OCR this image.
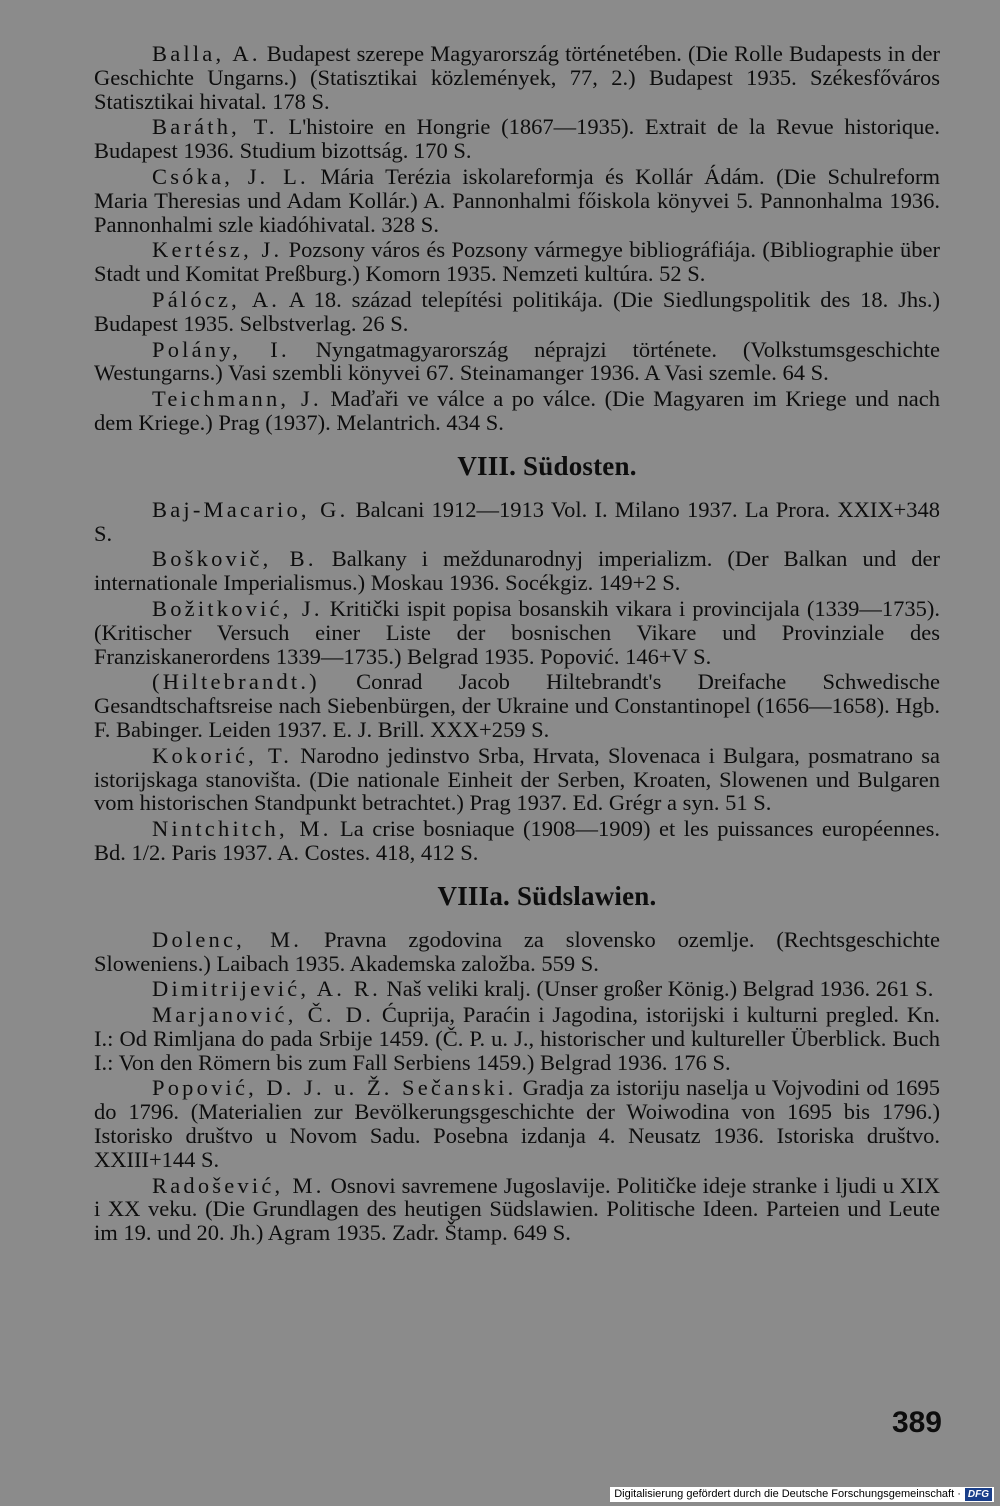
Balla, A. Budapest szerepe Magyarország történetében. (Die Rolle Budapests in der Geschichte Ungarns.) (Statisztikai közlemények, 77, 2.) Budapest 1935. Székesfőváros Statisztikai hivatal. 178 S.

Baráth, T. L'histoire en Hongrie (1867—1935). Extrait de la Revue historique. Budapest 1936. Studium bizottság. 170 S.

Csóka, J. L. Mária Terézia iskolareformja és Kollár Ádám. (Die Schulreform Maria Theresias und Adam Kollár.) A. Pannonhalmi főiskola könyvei 5. Pannonhalma 1936. Pannonhalmi szle kiadóhivatal. 328 S.

Kertész, J. Pozsony város és Pozsony vármegye bibliográfiája. (Bibliographie über Stadt und Komitat Preßburg.) Komorn 1935. Nemzeti kultúra. 52 S.

Pálócz, A. A 18. század telepítési politikája. (Die Siedlungspolitik des 18. Jhs.) Budapest 1935. Selbstverlag. 26 S.

Polány, I. Nyngatmagyarország néprajzi története. (Volkstumsgeschichte Westungarns.) Vasi szembli könyvei 67. Steinamanger 1936. A Vasi szemle. 64 S.

Teichmann, J. Maďaři ve válce a po válce. (Die Magyaren im Kriege und nach dem Kriege.) Prag (1937). Melantrich. 434 S.

VIII. Südosten.

Baj-Macario, G. Balcani 1912—1913 Vol. I. Milano 1937. La Prora. XXIX+348 S.

Boškovič, B. Balkany i meždunarodnyj imperializm. (Der Balkan und der internationale Imperialismus.) Moskau 1936. Socékgiz. 149+2 S.

Božitković, J. Kritički ispit popisa bosanskih vikara i provincijala (1339—1735). (Kritischer Versuch einer Liste der bosnischen Vikare und Provinziale des Franziskanerordens 1339—1735.) Belgrad 1935. Popović. 146+V S.

(Hiltebrandt.) Conrad Jacob Hiltebrandt's Dreifache Schwedische Gesandtschaftsreise nach Siebenbürgen, der Ukraine und Constantinopel (1656—1658). Hgb. F. Babinger. Leiden 1937. E. J. Brill. XXX+259 S.

Kokorić, T. Narodno jedinstvo Srba, Hrvata, Slovenaca i Bulgara, posmatrano sa istorijskaga stanovišta. (Die nationale Einheit der Serben, Kroaten, Slowenen und Bulgaren vom historischen Standpunkt betrachtet.) Prag 1937. Ed. Grégr a syn. 51 S.

Nintchitch, M. La crise bosniaque (1908—1909) et les puissances européennes. Bd. 1/2. Paris 1937. A. Costes. 418, 412 S.

VIIIa. Südslawien.

Dolenc, M. Pravna zgodovina za slovensko ozemlje. (Rechtsgeschichte Sloweniens.) Laibach 1935. Akademska založba. 559 S.

Dimitrijević, A. R. Naš veliki kralj. (Unser großer König.) Belgrad 1936. 261 S.

Marjanović, Č. D. Ćuprija, Paraćin i Jagodina, istorijski i kulturni pregled. Kn. I.: Od Rimljana do pada Srbije 1459. (Č. P. u. J., historischer und kultureller Überblick. Buch I.: Von den Römern bis zum Fall Serbiens 1459.) Belgrad 1936. 176 S.

Popović, D. J. u. Ž. Sečanski. Gradja za istoriju naselja u Vojvodini od 1695 do 1796. (Materialien zur Bevölkerungsgeschichte der Woiwodina von 1695 bis 1796.) Istorisko društvo u Novom Sadu. Posebna izdanja 4. Neusatz 1936. Istoriska društvo. XXIII+144 S.

Radošević, M. Osnovi savremene Jugoslavije. Političke ideje stranke i ljudi u XIX i XX veku. (Die Grundlagen des heutigen Südslawien. Politische Ideen. Parteien und Leute im 19. und 20. Jh.) Agram 1935. Zadr. Štamp. 649 S.

389
Digitalisierung gefördert durch die Deutsche Forschungsgemeinschaft · DFG
